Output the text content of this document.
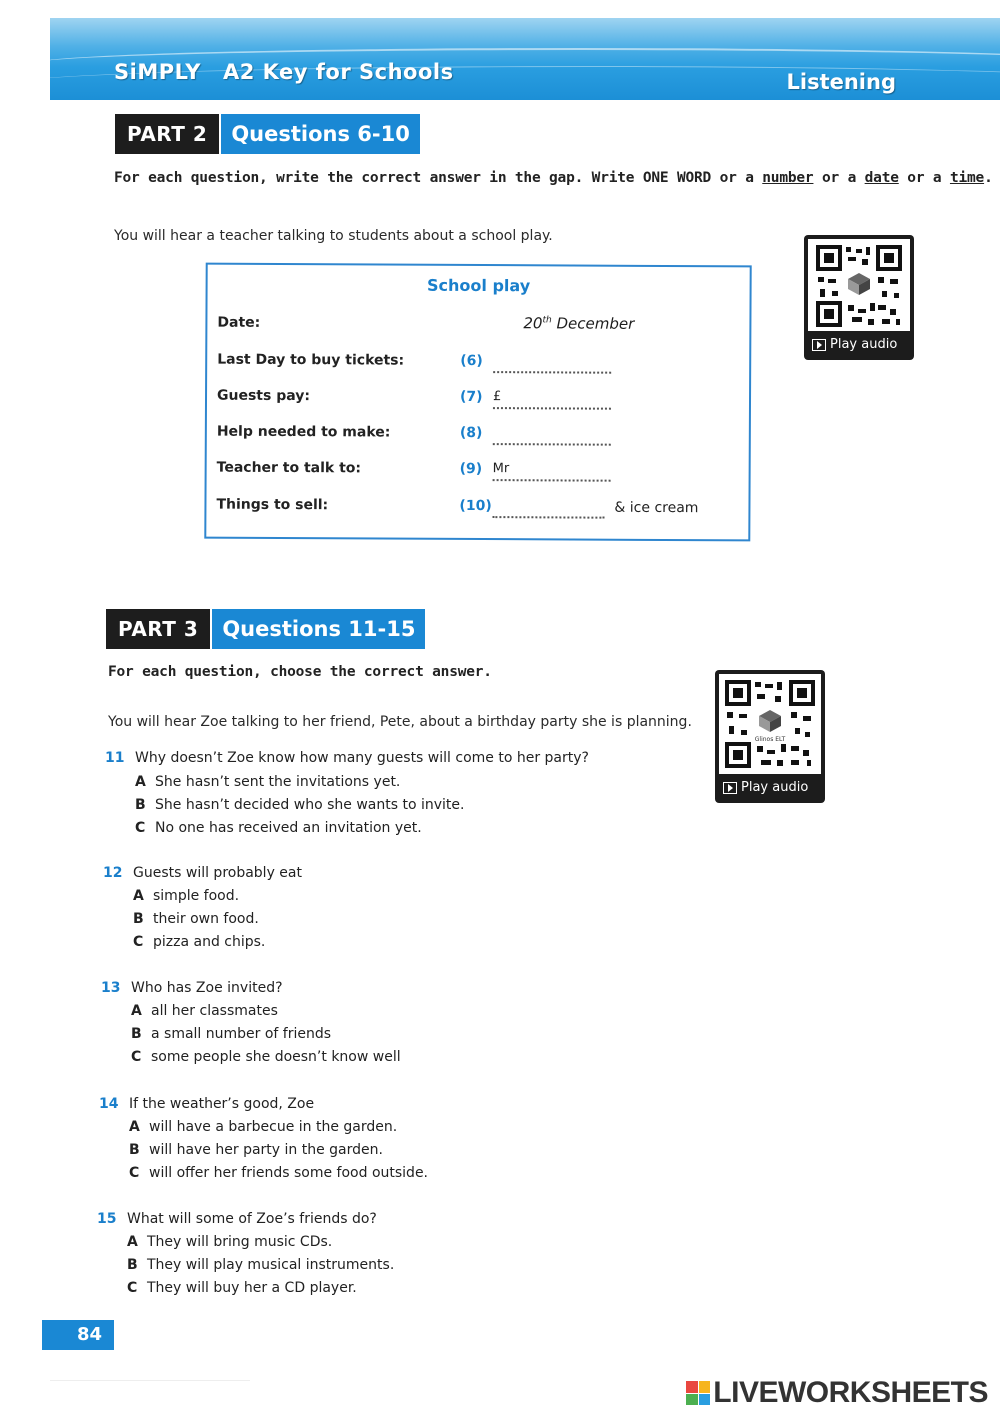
SiMPLY A2 Key for Schools	Listening
PART 2	Questions 6-10
For each question, write the correct answer in the gap. Write ONE WORD or a number or a date or a time.
You will hear a teacher talking to students about a school play.
School play
Date:	20th December
Last Day to buy tickets:	(6)
Guests pay:	(7) £
Help needed to make:	(8)
Teacher to talk to:	(9) Mr
Things to sell:	(10)	& ice cream
Play audio
PART 3	Questions 11-15
For each question, choose the correct answer.
You will hear Zoe talking to her friend, Pete, about a birthday party she is planning.
Glinos ELT
Play audio
11 Why doesn’t Zoe know how many guests will come to her party?
A She hasn’t sent the invitations yet.
B She hasn’t decided who she wants to invite.
C No one has received an invitation yet.
12 Guests will probably eat
A simple food.
B their own food.
C pizza and chips.
13 Who has Zoe invited?
A all her classmates
B a small number of friends
C some people she doesn’t know well
14 If the weather’s good, Zoe
A will have a barbecue in the garden.
B will have her party in the garden.
C will offer her friends some food outside.
15 What will some of Zoe’s friends do?
A They will bring music CDs.
B They will play musical instruments.
C They will buy her a CD player.
84
LIVEWORKSHEETS
